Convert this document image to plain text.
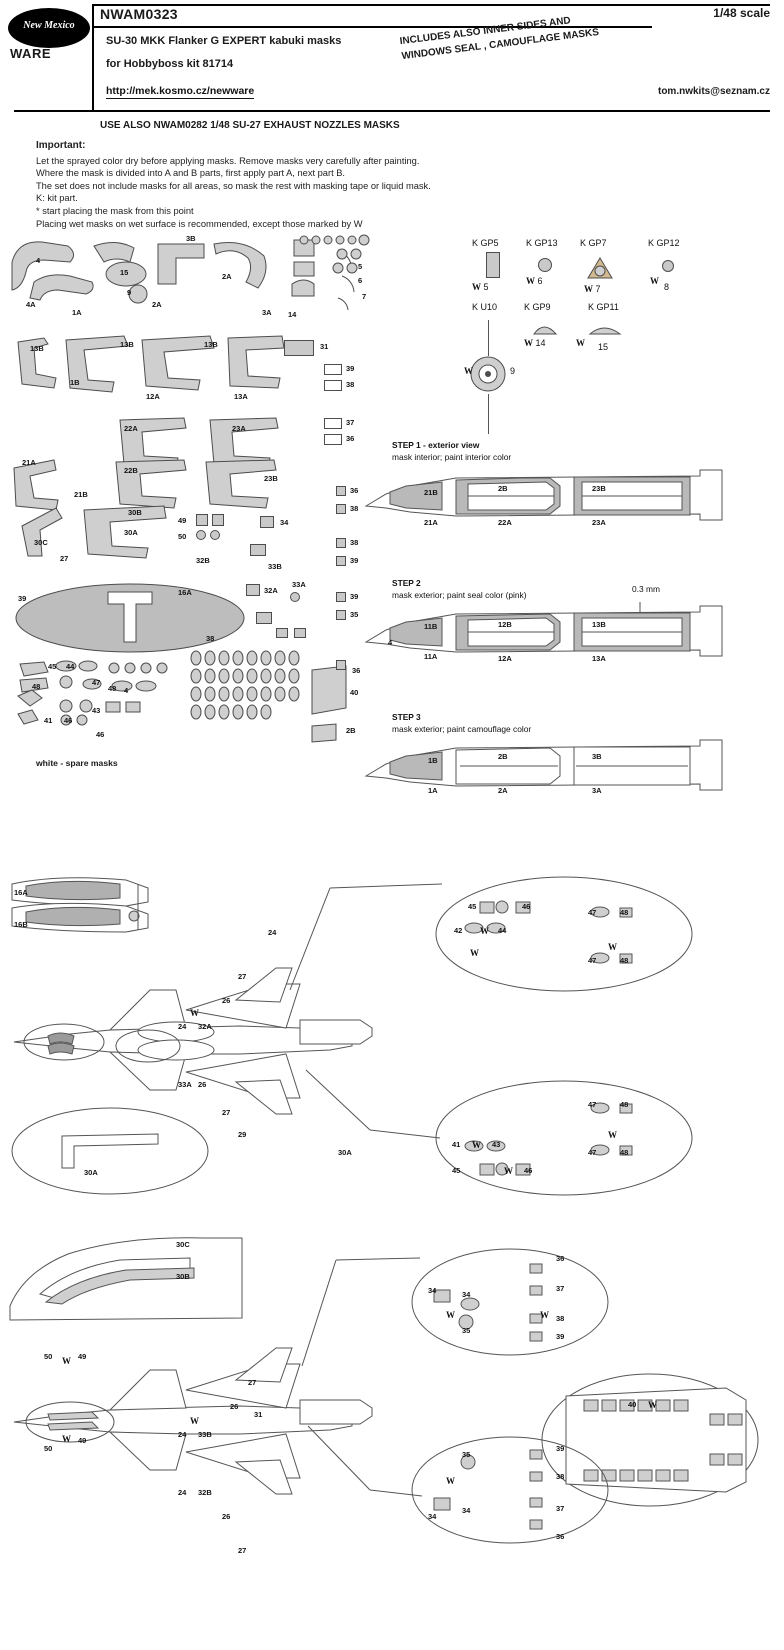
New Mexico
WARE
NWAM0323	1/48 scale
SU-30 MKK Flanker G EXPERT kabuki masks
for Hobbyboss kit 81714
http://mek.kosmo.cz/newware	tom.nwkits@seznam.cz
INCLUDES ALSO INNER SIDES AND WINDOWS SEAL , CAMOUFLAGE MASKS
USE ALSO NWAM0282 1/48 SU-27 EXHAUST NOZZLES MASKS
Important:
Let the sprayed color dry before applying masks. Remove masks very carefully after painting.
Where the mask is divided into A and B parts, first apply part A, next part B.
The set does not include masks for all areas, so mask the rest with masking tape or liquid mask.
K: kit part.
* start placing the mask from this point
Placing wet masks on wet surface is recommended, except those marked by W
3B
4
4A
15
9
2A
1A	3A 14
2A
5
6
7
13B	13B	13B
1B
12A	13A
31
39
38
22A	23A
37
36
21A
22B
23B
21B	36
38
30B
30A
49
50
34
38
39
30C
27	32B
33B
39
16A	32A
33A
39
35
38
45 44
47
48	48 4
41 46
43
46
36
40
2B
white - spare masks
K GP5
W 5
K GP13
W 6
K GP7
W 7
K GP12
W
8
K U10
W	9
K GP9
W 14
K GP11
W 15
STEP 1 - exterior view
mask interior; paint interior color
21B	2B	23B
21A	22A	23A
STEP 2
mask exterior; paint seal color (pink)
0.3 mm
11B	12B	13B
4
11A	12A	13A
STEP 3
mask exterior; paint camouflage color
1B	2B	3B
1A	2A	3A
16A
16B
24
27
26
W
24 32A
33A 26
27
29
30A
30A
45	46
42	44
W
W
47	48
W
47	48
47	48
W
47	48
41	43
W
45	46
W
30C
30B
27
26
W
24 33B
50 W 49
31
50
W 49
24 32B
26
27
40 W
36
37
34	34
W	W 38
35
39
39
35
W	38
37
34
34
36
